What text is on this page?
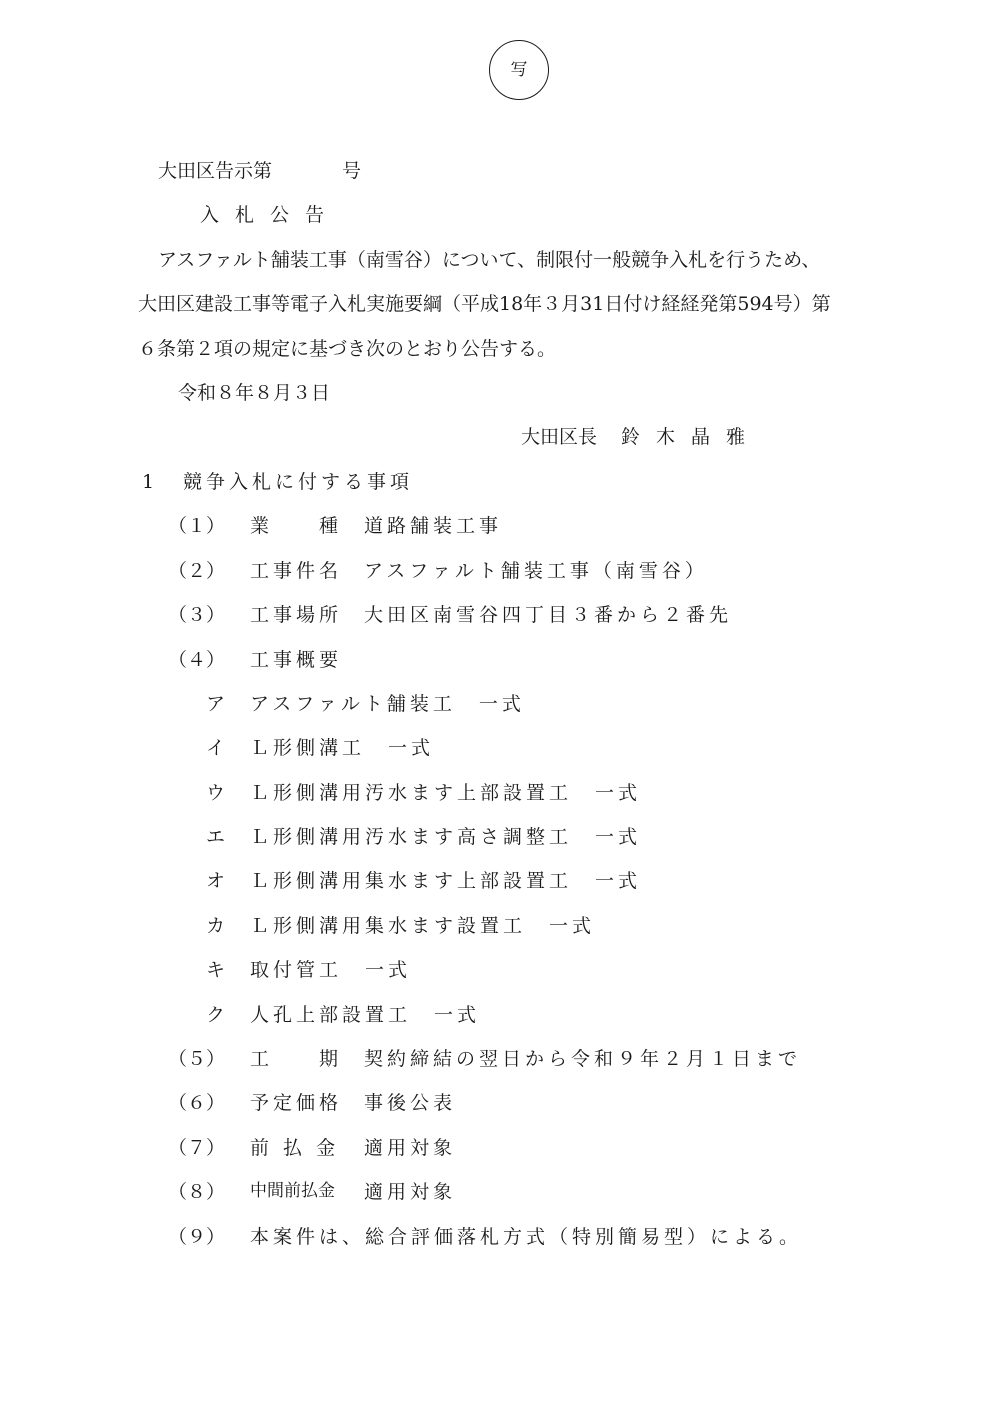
写
大田区告示第	号
入札公告
アスファルト舗装工事（南雪谷）について、制限付一般競争入札を行うため、
大田区建設工事等電子入札実施要綱（平成18年３月31日付け経経発第594号）第
６条第２項の規定に基づき次のとおり公告する。
令和８年８月３日
大田区長 鈴木晶雅
1 競争入札に付する事項
（１） 業　　種 道路舗装工事
（２） 工事件名 アスファルト舗装工事（南雪谷）
（３） 工事場所 大田区南雪谷四丁目３番から２番先
（４） 工事概要
ア アスファルト舗装工　一式
イ Ｌ形側溝工　一式
ウ Ｌ形側溝用汚水ます上部設置工　一式
エ Ｌ形側溝用汚水ます高さ調整工　一式
オ Ｌ形側溝用集水ます上部設置工　一式
カ Ｌ形側溝用集水ます設置工　一式
キ 取付管工　一式
ク 人孔上部設置工　一式
（５） 工　　期 契約締結の翌日から令和９年２月１日まで
（６） 予定価格 事後公表
（７） 前 払 金 適用対象
（８） 中間前払金 適用対象
（９） 本案件は、総合評価落札方式（特別簡易型）による。
